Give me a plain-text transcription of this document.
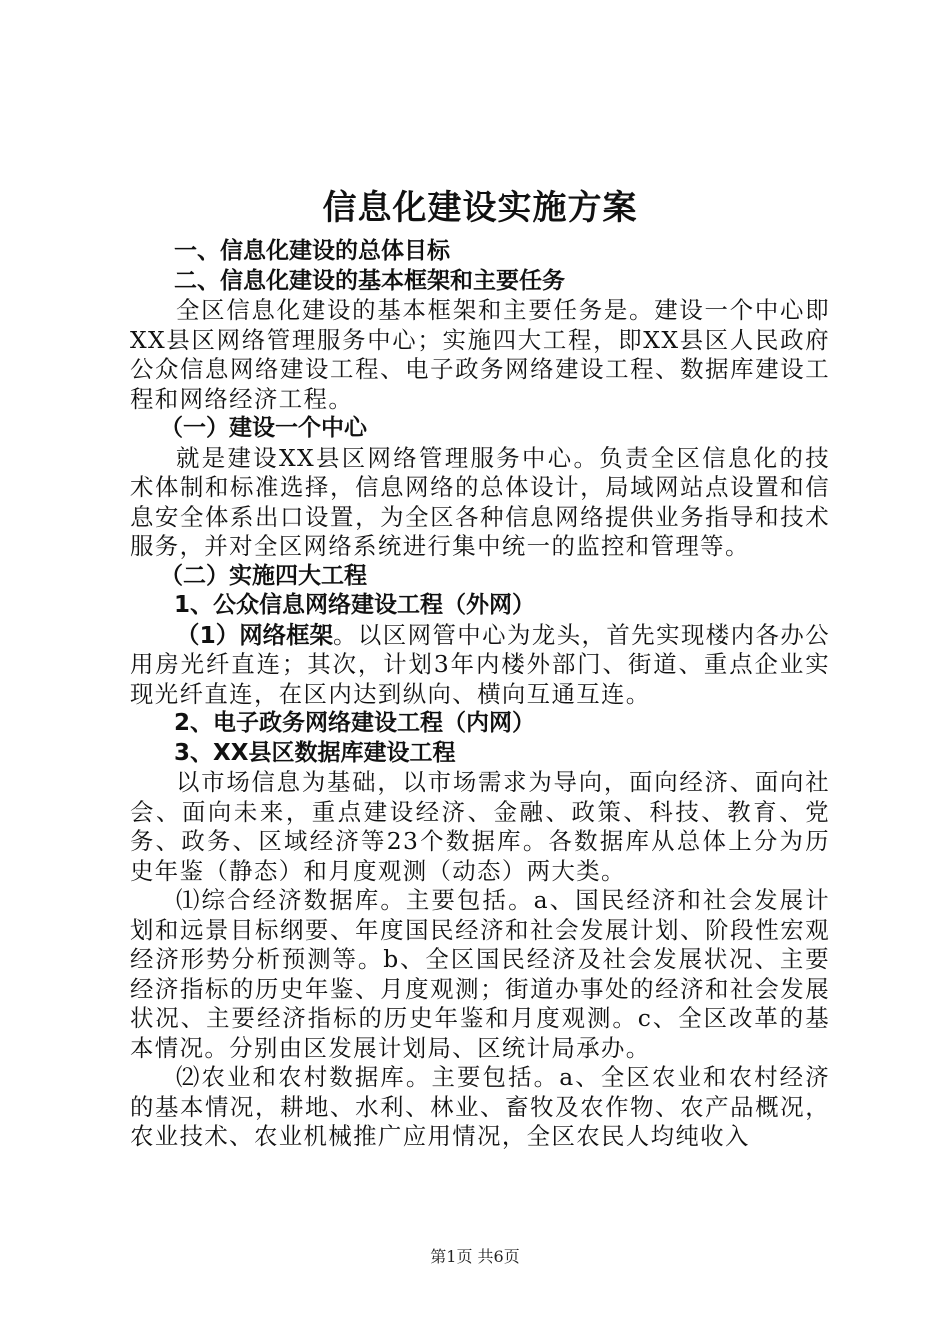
信息化建设实施方案

一、信息化建设的总体目标

二、信息化建设的基本框架和主要任务

全区信息化建设的基本框架和主要任务是。建设一个中心即XX县区网络管理服务中心；实施四大工程，即XX县区人民政府公众信息网络建设工程、电子政务网络建设工程、数据库建设工程和网络经济工程。

（一）建设一个中心

就是建设XX县区网络管理服务中心。负责全区信息化的技术体制和标准选择，信息网络的总体设计，局域网站点设置和信息安全体系出口设置，为全区各种信息网络提供业务指导和技术服务，并对全区网络系统进行集中统一的监控和管理等。

（二）实施四大工程

1、公众信息网络建设工程（外网）

（1）网络框架。以区网管中心为龙头，首先实现楼内各办公用房光纤直连；其次，计划3年内楼外部门、街道、重点企业实现光纤直连，在区内达到纵向、横向互通互连。

2、电子政务网络建设工程（内网）

3、XX县区数据库建设工程

以市场信息为基础，以市场需求为导向，面向经济、面向社会、面向未来，重点建设经济、金融、政策、科技、教育、党务、政务、区域经济等23个数据库。各数据库从总体上分为历史年鉴（静态）和月度观测（动态）两大类。

⑴综合经济数据库。主要包括。a、国民经济和社会发展计划和远景目标纲要、年度国民经济和社会发展计划、阶段性宏观经济形势分析预测等。b、全区国民经济及社会发展状况、主要经济指标的历史年鉴、月度观测；街道办事处的经济和社会发展状况、主要经济指标的历史年鉴和月度观测。c、全区改革的基本情况。分别由区发展计划局、区统计局承办。

⑵农业和农村数据库。主要包括。a、全区农业和农村经济的基本情况，耕地、水利、林业、畜牧及农作物、农产品概况，农业技术、农业机械推广应用情况，全区农民人均纯收入

第1页 共6页
